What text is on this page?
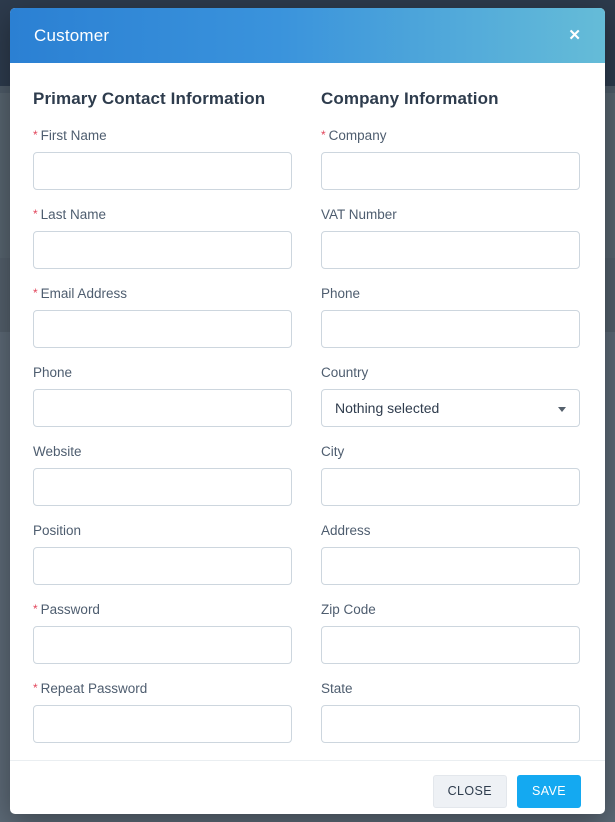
Customer	✕
Primary Contact Information
* First Name
* Last Name
* Email Address
Phone
Website
Position
* Password
* Repeat Password
Company Information
* Company
VAT Number
Phone
Country
Nothing selected
City
Address
Zip Code
State
CLOSE	SAVE
